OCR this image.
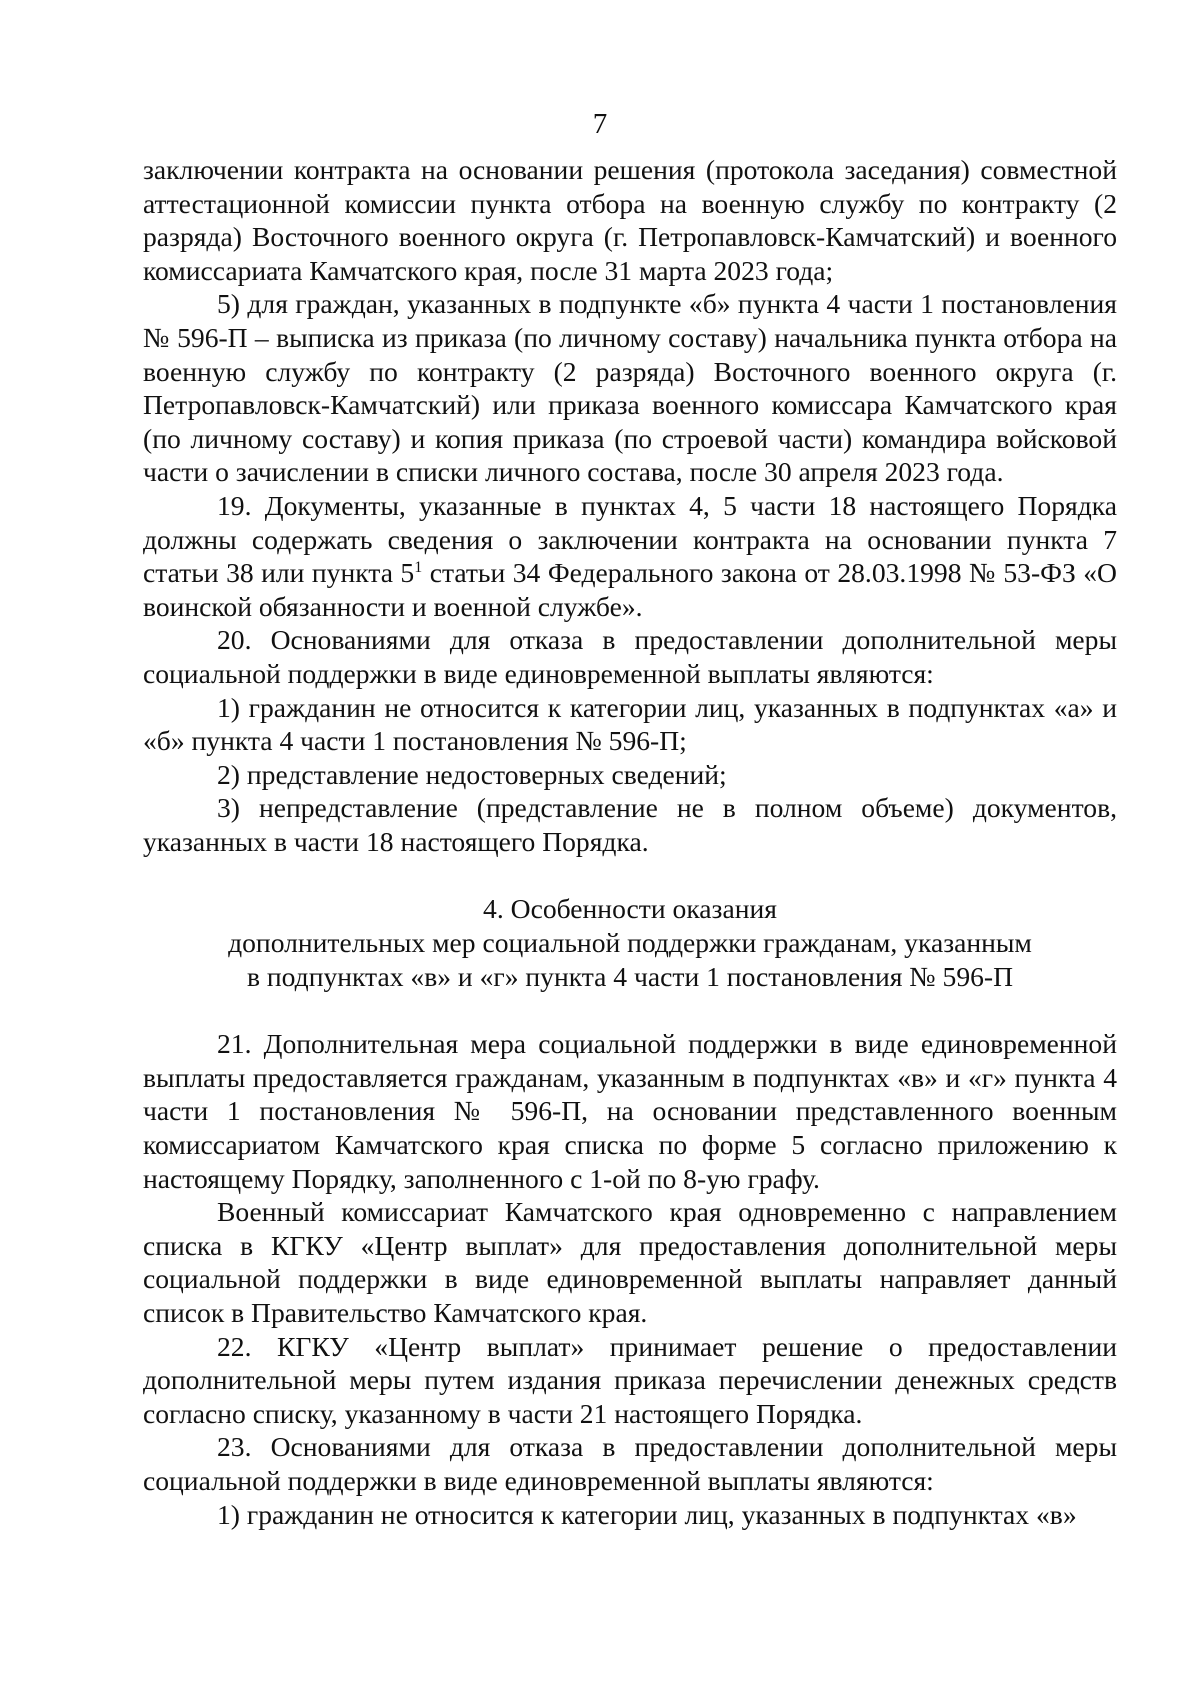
7

заключении контракта на основании решения (протокола заседания) совместной аттестационной комиссии пункта отбора на военную службу по контракту (2 разряда) Восточного военного округа (г. Петропавловск-Камчатский) и военного комиссариата Камчатского края, после 31 марта 2023 года;

5) для граждан, указанных в подпункте «б» пункта 4 части 1 постановления № 596-П – выписка из приказа (по личному составу) начальника пункта отбора на военную службу по контракту (2 разряда) Восточного военного округа (г. Петропавловск-Камчатский) или приказа военного комиссара Камчатского края (по личному составу) и копия приказа (по строевой части) командира войсковой части о зачислении в списки личного состава, после 30 апреля 2023 года.

19. Документы, указанные в пунктах 4, 5 части 18 настоящего Порядка должны содержать сведения о заключении контракта на основании пункта 7 статьи 38 или пункта $5^1$ статьи 34 Федерального закона от 28.03.1998 № 53-ФЗ «О воинской обязанности и военной службе».

20. Основаниями для отказа в предоставлении дополнительной меры социальной поддержки в виде единовременной выплаты являются:

1) гражданин не относится к категории лиц, указанных в подпунктах «а» и «б» пункта 4 части 1 постановления № 596-П;

2) представление недостоверных сведений;

3) непредставление (представление не в полном объеме) документов, указанных в части 18 настоящего Порядка.

4. Особенности оказания
дополнительных мер социальной поддержки гражданам, указанным
в подпунктах «в» и «г» пункта 4 части 1 постановления № 596-П

21. Дополнительная мера социальной поддержки в виде единовременной выплаты предоставляется гражданам, указанным в подпунктах «в» и «г» пункта 4 части 1 постановления № 596-П, на основании представленного военным комиссариатом Камчатского края списка по форме 5 согласно приложению к настоящему Порядку, заполненного с 1-ой по 8-ую графу.

Военный комиссариат Камчатского края одновременно с направлением списка в КГКУ «Центр выплат» для предоставления дополнительной меры социальной поддержки в виде единовременной выплаты направляет данный список в Правительство Камчатского края.

22. КГКУ «Центр выплат» принимает решение о предоставлении дополнительной меры путем издания приказа перечислении денежных средств согласно списку, указанному в части 21 настоящего Порядка.

23. Основаниями для отказа в предоставлении дополнительной меры социальной поддержки в виде единовременной выплаты являются:

1) гражданин не относится к категории лиц, указанных в подпунктах «в»
